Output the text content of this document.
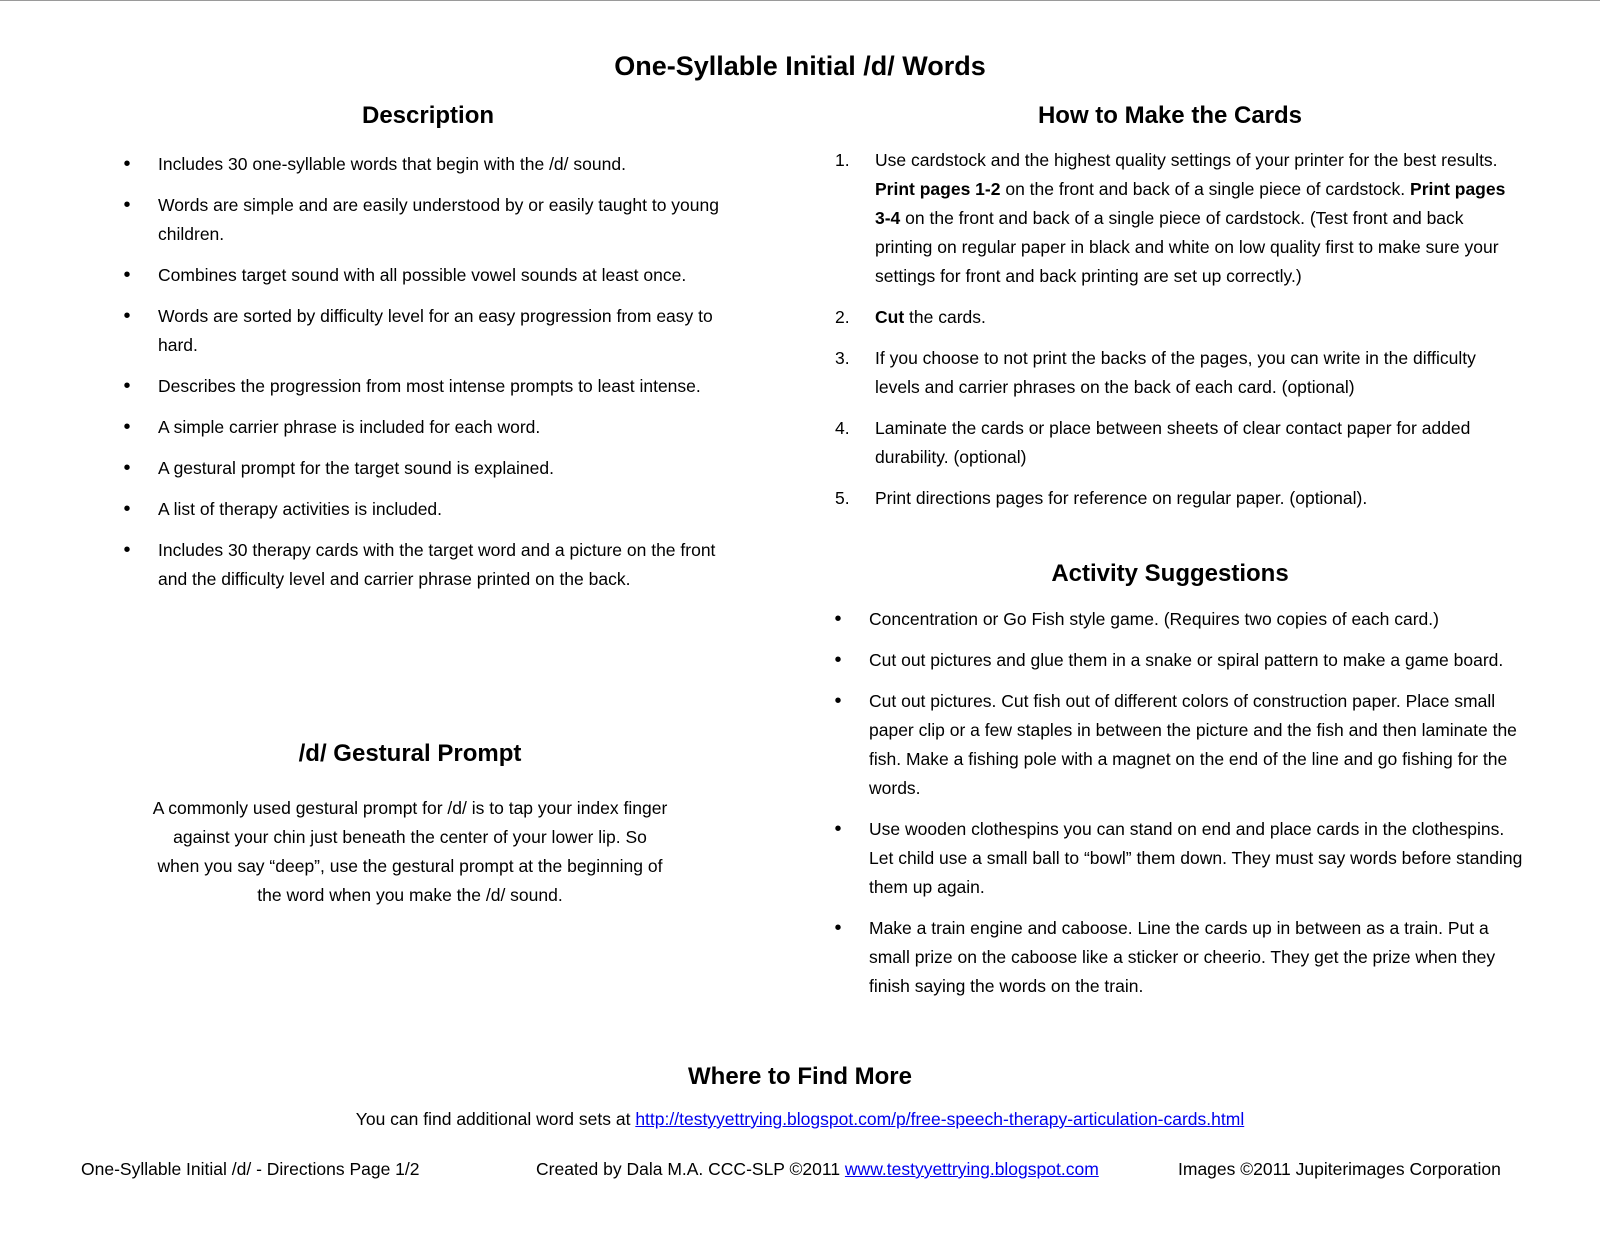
One-Syllable Initial /d/ Words
Description
•	Includes 30 one-syllable words that begin with the /d/ sound.
•	Words are simple and are easily understood by or easily taught to young children.
•	Combines target sound with all possible vowel sounds at least once.
•	Words are sorted by difficulty level for an easy progression from easy to hard.
•	Describes the progression from most intense prompts to least intense.
•	A simple carrier phrase is included for each word.
•	A gestural prompt for the target sound is explained.
•	A list of therapy activities is included.
•	Includes 30 therapy cards with the target word and a picture on the front and the difficulty level and carrier phrase printed on the back.
/d/ Gestural Prompt

A commonly used gestural prompt for /d/ is to tap your index finger against your chin just beneath the center of your lower lip. So when you say “deep”, use the gestural prompt at the beginning of the word when you make the /d/ sound.

How to Make the Cards
1. Use cardstock and the highest quality settings of your printer for the best results. Print pages 1-2 on the front and back of a single piece of cardstock. Print pages 3-4 on the front and back of a single piece of cardstock. (Test front and back printing on regular paper in black and white on low quality first to make sure your settings for front and back printing are set up correctly.)
2. Cut the cards.
3. If you choose to not print the backs of the pages, you can write in the difficulty levels and carrier phrases on the back of each card. (optional)
4. Laminate the cards or place between sheets of clear contact paper for added durability. (optional)
5. Print directions pages for reference on regular paper. (optional).
Activity Suggestions
•	Concentration or Go Fish style game. (Requires two copies of each card.)
•	Cut out pictures and glue them in a snake or spiral pattern to make a game board.
•	Cut out pictures. Cut fish out of different colors of construction paper. Place small paper clip or a few staples in between the picture and the fish and then laminate the fish. Make a fishing pole with a magnet on the end of the line and go fishing for the words.
•	Use wooden clothespins you can stand on end and place cards in the clothespins. Let child use a small ball to “bowl” them down. They must say words before standing them up again.
•	Make a train engine and caboose. Line the cards up in between as a train. Put a small prize on the caboose like a sticker or cheerio. They get the prize when they finish saying the words on the train.
Where to Find More
You can find additional word sets at http://testyyettrying.blogspot.com/p/free-speech-therapy-articulation-cards.html
One-Syllable Initial /d/ - Directions Page 1/2	Created by Dala M.A. CCC-SLP ©2011 www.testyyettrying.blogspot.com	Images ©2011 Jupiterimages Corporation
